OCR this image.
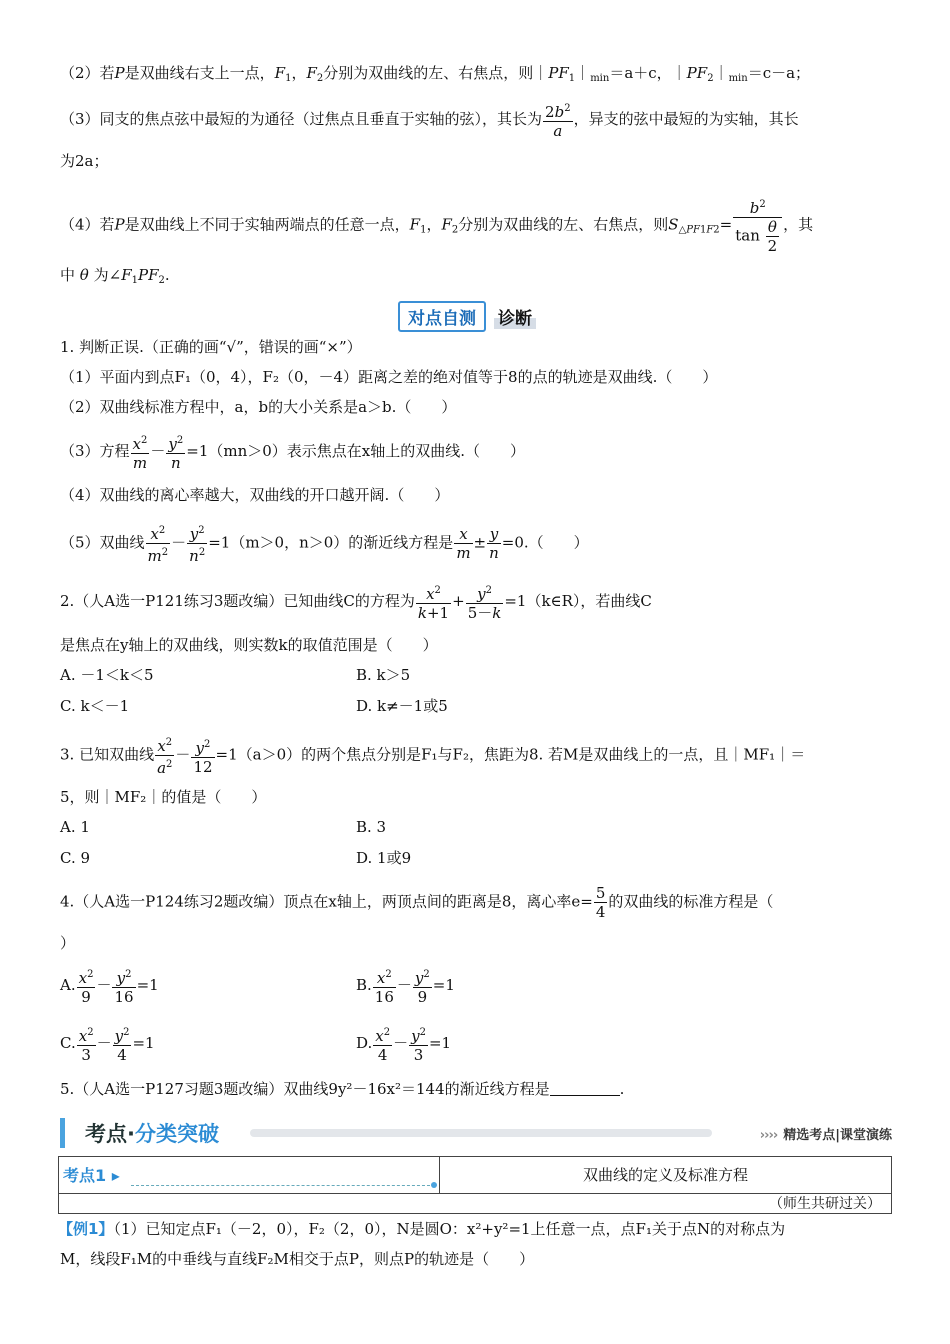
（2）若P是双曲线右支上一点，$F_1$，$F_2$分别为双曲线的左、右焦点，则$|PF_1|_{min}=a+c$，$|PF_2|_{min}=c-a$；
（3）同支的焦点弦中最短的为通径（过焦点且垂直于实轴的弦），其长为 $\frac{2b^2}{a}$ ，异支的弦中最短的为实轴，其长
为2a；
（4）若P是双曲线上不同于实轴两端点的任意一点，$F_1$，$F_2$分别为双曲线的左、右焦点，则$S_{\triangle PF1F2}= \frac{b^2}{\tan \frac{\theta}{2}}$ ，其
中 θ 为$\angle F_1PF_2$.
对点自测	诊断
1. 判断正误.（正确的画“√”，错误的画“×”）
（1）平面内到点F₁（0，4），F₂（0，－4）距离之差的绝对值等于8的点的轨迹是双曲线.（　　）
（2）双曲线标准方程中，a，b的大小关系是a＞b.（　　）
（3）方程 $\frac{x^2}{m} - \frac{y^2}{n} =1(mn>0)$表示焦点在x轴上的双曲线.（　　）
（4）双曲线的离心率越大，双曲线的开口越开阔.（　　）
（5）双曲线 $\frac{x^2}{m^2} - \frac{y^2}{n^2} =1(m>0$，n＞0）的渐近线方程是 $\frac{x}{m} \pm \frac{y}{n} =0$.（　　）
2.（人A选一P121练习3题改编）已知曲线C的方程为 $\frac{x^2}{k+1} + \frac{y^2}{5-k}$ =1（k∈R），若曲线C
是焦点在y轴上的双曲线，则实数k的取值范围是（　　）
A. －1＜k＜5	B. k＞5
C. k＜－1	D. k≠－1或5
3. 已知双曲线 $\frac{x^2}{a^2} - \frac{y^2}{12} =1(a>0)$的两个焦点分别是F₁与F₂，焦距为8. 若M是双曲线上的一点，且｜MF₁｜＝
5，则｜MF₂｜的值是（　　）
A. 1	B. 3
C. 9	D. 1或9
4.（人A选一P124练习2题改编）顶点在x轴上，两顶点间的距离是8，离心率$e= \frac{5}{4}$ 的双曲线的标准方程是（
）
A. $\frac{x^2}{9} - \frac{y^2}{16} =1$	B. $\frac{x^2}{16} - \frac{y^2}{9} =1$
C. $\frac{x^2}{3} - \frac{y^2}{4} =1$	D. $\frac{x^2}{4} - \frac{y^2}{3} =1$
5.（人A选一P127习题3题改编）双曲线9y²－16x²＝144的渐近线方程是	.
考点·分类突破	›››› 精选考点|课堂演练
考点1 ▸	双曲线的定义及标准方程
（师生共研过关）
【例1】（1）已知定点F₁（－2，0），F₂（2，0），N是圆O：x²+y²=1上任意一点，点F₁关于点N的对称点为
M，线段F₁M的中垂线与直线F₂M相交于点P，则点P的轨迹是（　　）
